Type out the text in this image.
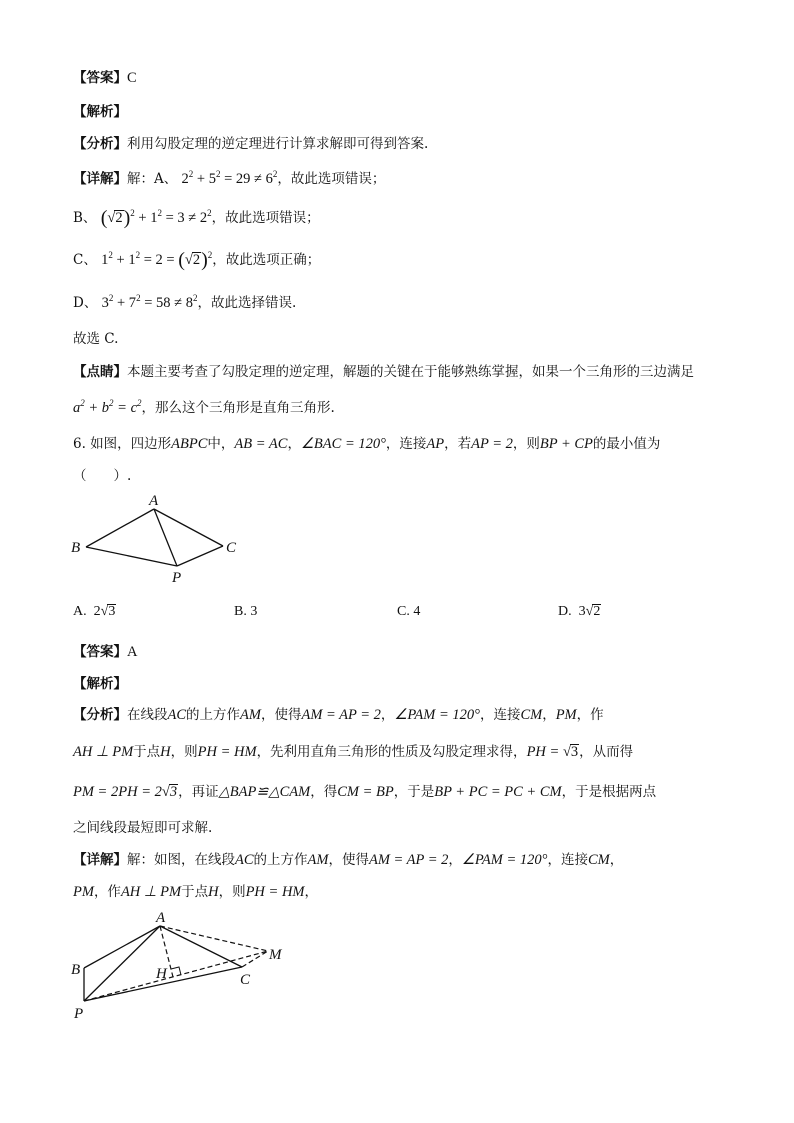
【答案】C
【解析】
【分析】利用勾股定理的逆定理进行计算求解即可得到答案.
【详解】解：A、 $2^2 + 5^2 = 29 \ne 6^2$，故此选项错误；
B、 $(√2)^2 + 1^2 = 3 \ne 2^2$，故此选项错误；
C、 $1^2 + 1^2 = 2 = (√2)^2$，故此选项正确；
D、 $3^2 + 7^2 = 58 \ne 8^2$，故此选择错误.
故选 C.
【点睛】本题主要考查了勾股定理的逆定理，解题的关键在于能够熟练掌握，如果一个三角形的三边满足
$a^2 + b^2 = c^2$，那么这个三角形是直角三角形.
6. 如图，四边形ABPC中，AB = AC，∠BAC = 120°，连接AP，若AP = 2，则BP + CP的最小值为
（　　）.
A
B	C
P
A.  2√3	B. 3	C. 4	D.  3√2
【答案】A
【解析】
【分析】在线段AC的上方作AM，使得AM = AP = 2，∠PAM = 120°，连接CM，PM，作
AH ⊥ PM于点H，则PH = HM，先利用直角三角形的性质及勾股定理求得，PH = √3，从而得
PM = 2PH = 2√3，再证△BAP≌△CAM，得CM = BP，于是BP + PC = PC + CM，于是根据两点
之间线段最短即可求解.
【详解】解：如图，在线段AC的上方作AM，使得AM = AP = 2，∠PAM = 120°，连接CM，
PM，作AH ⊥ PM于点H，则PH = HM，
A
B
C
P
M
H
